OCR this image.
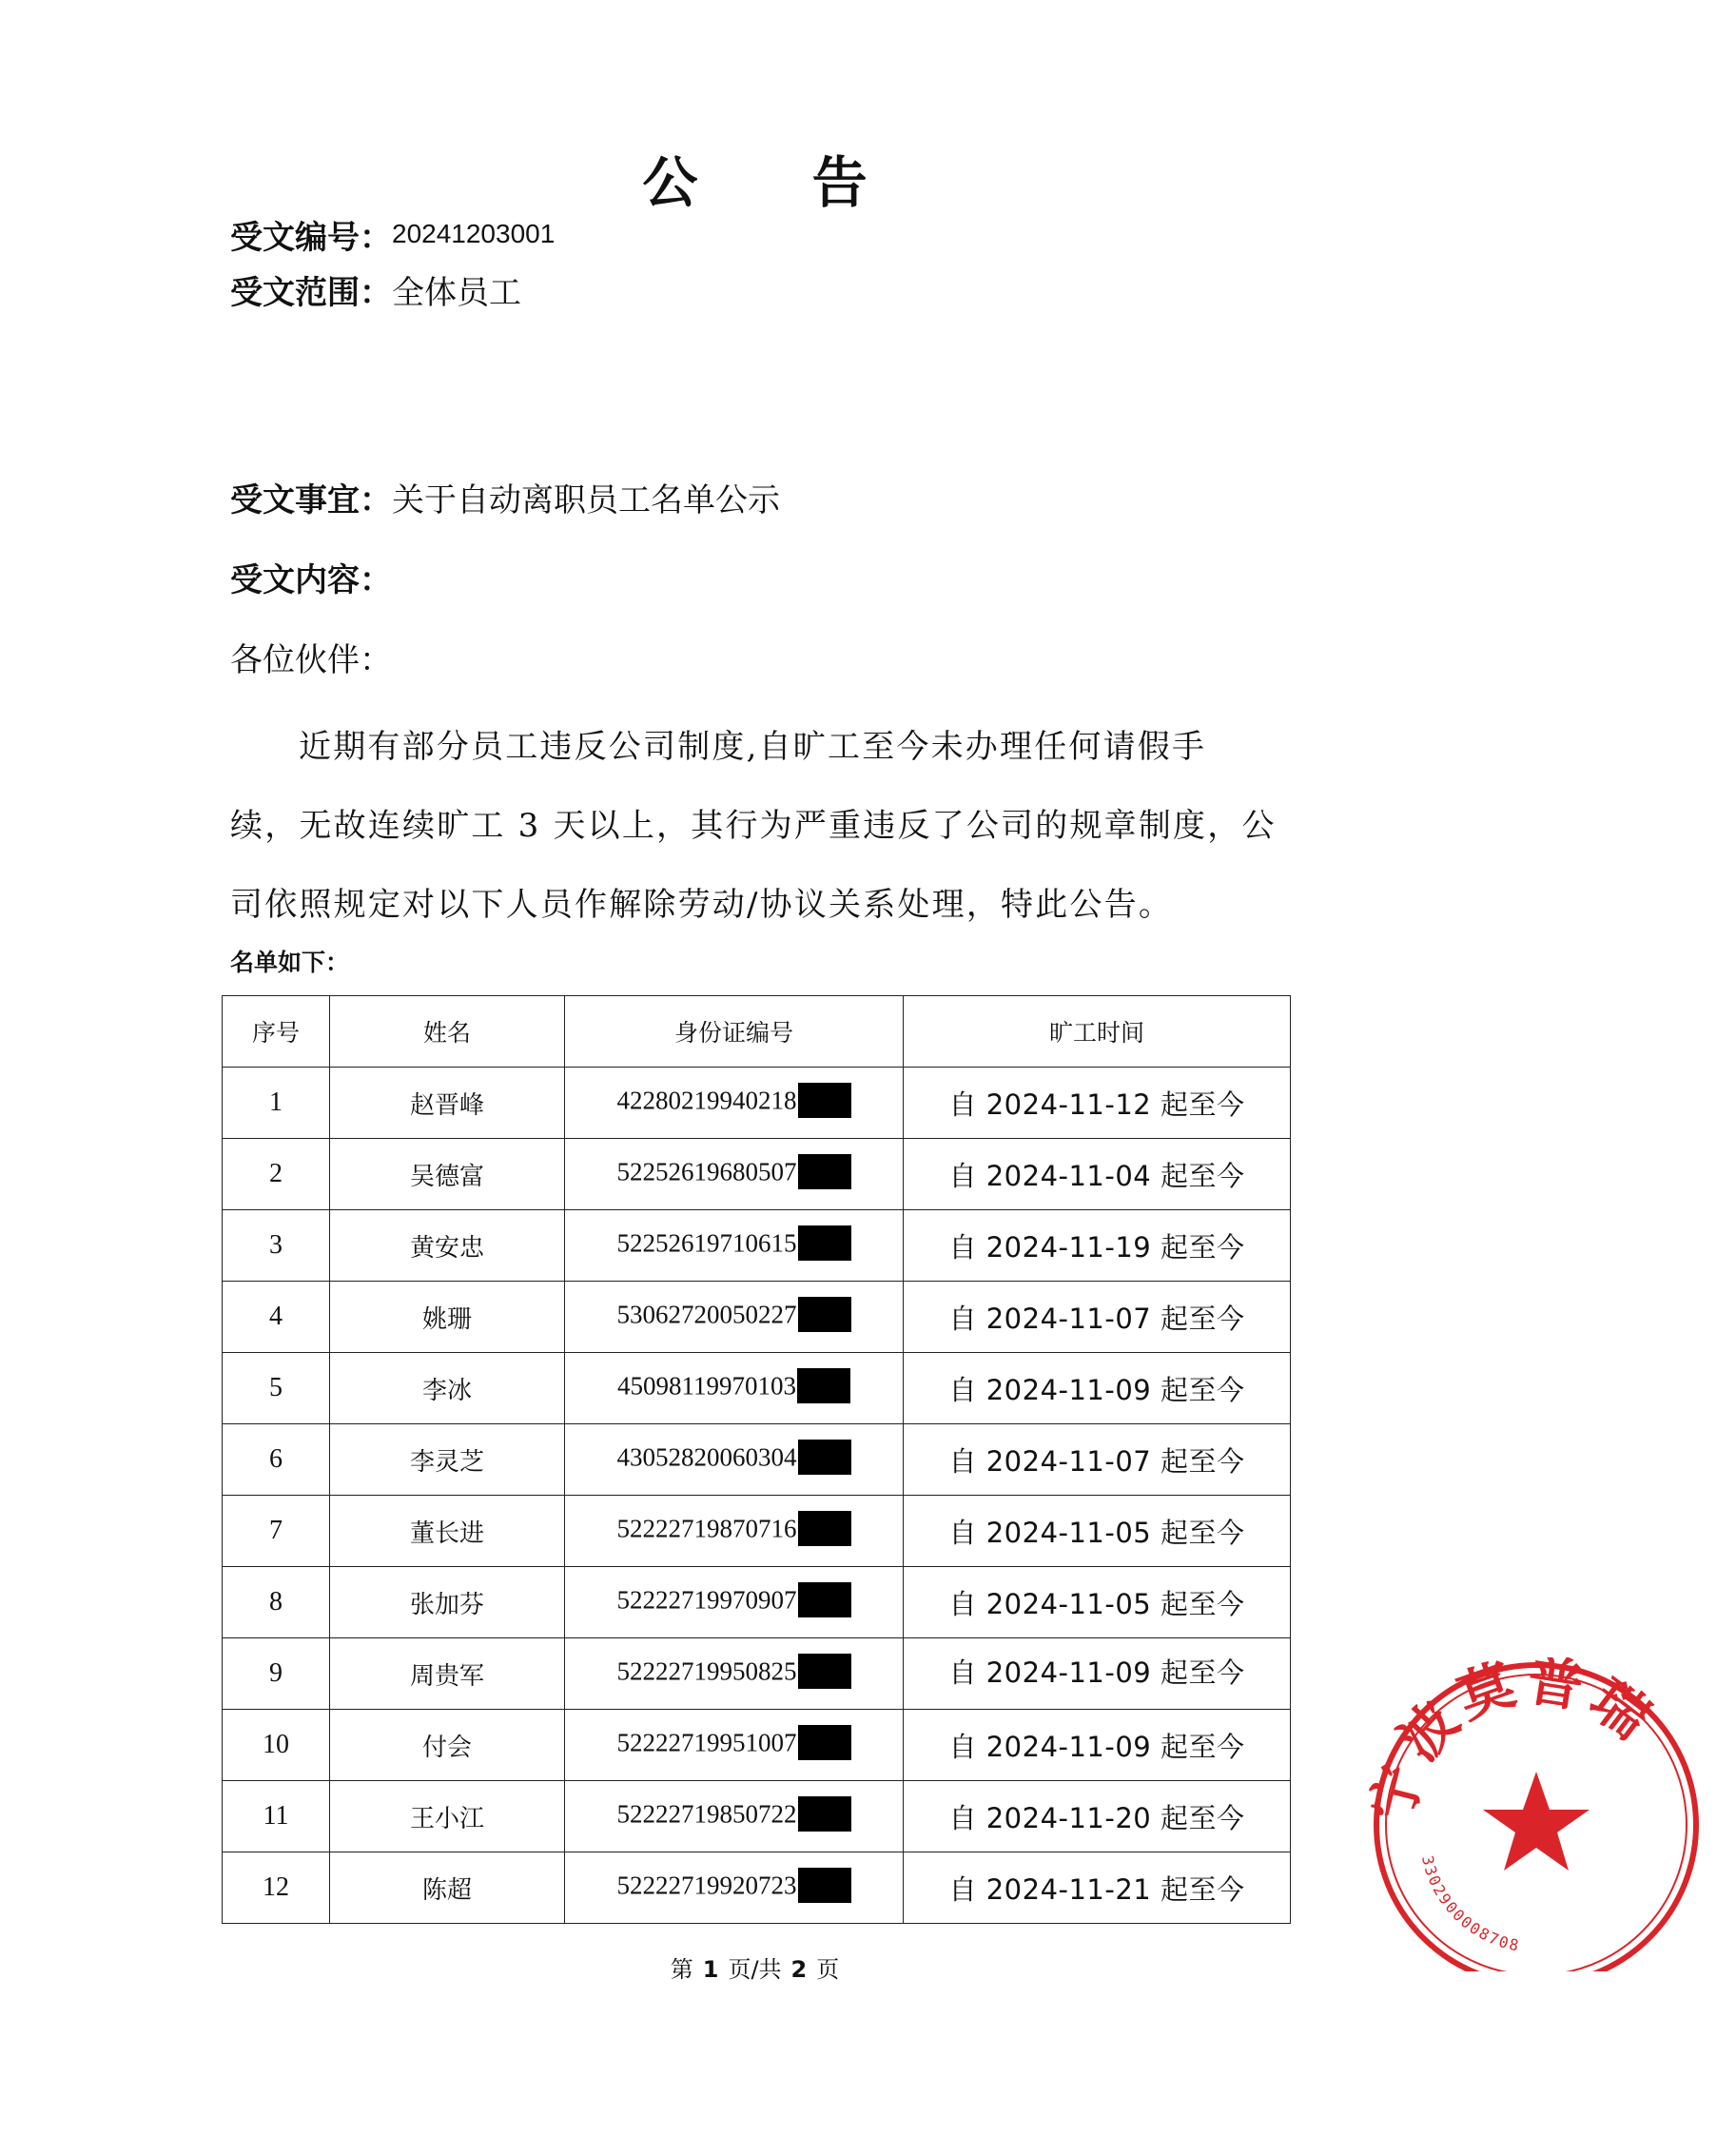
公 告
受文编号：20241203001
受文范围：全体员工
受文事宜：关于自动离职员工名单公示
受文内容：
各位伙伴：

近期有部分员工违反公司制度,自旷工至今未办理任何请假手

续，无故连续旷工 3 天以上，其行为严重违反了公司的规章制度，公

司依照规定对以下人员作解除劳动/协议关系处理，特此公告。

名单如下：
序号	姓名	身份证编号	旷工时间
1	赵晋峰	42280219940218	自 2024-11-12 起至今
2	吴德富	52252619680507	自 2024-11-04 起至今
3	黄安忠	52252619710615	自 2024-11-19 起至今
4	姚珊	53062720050227	自 2024-11-07 起至今
5	李冰	45098119970103	自 2024-11-09 起至今
6	李灵芝	43052820060304	自 2024-11-07 起至今
7	董长进	52222719870716	自 2024-11-05 起至今
8	张加芬	52222719970907	自 2024-11-05 起至今
9	周贵军	52222719950825	自 2024-11-09 起至今
10	付会	52222719951007	自 2024-11-09 起至今
11	王小江	52222719850722	自 2024-11-20 起至今
12	陈超	52222719920723	自 2024-11-21 起至今
第 1 页/共 2 页
宁波莫普瑞
3302900008708
